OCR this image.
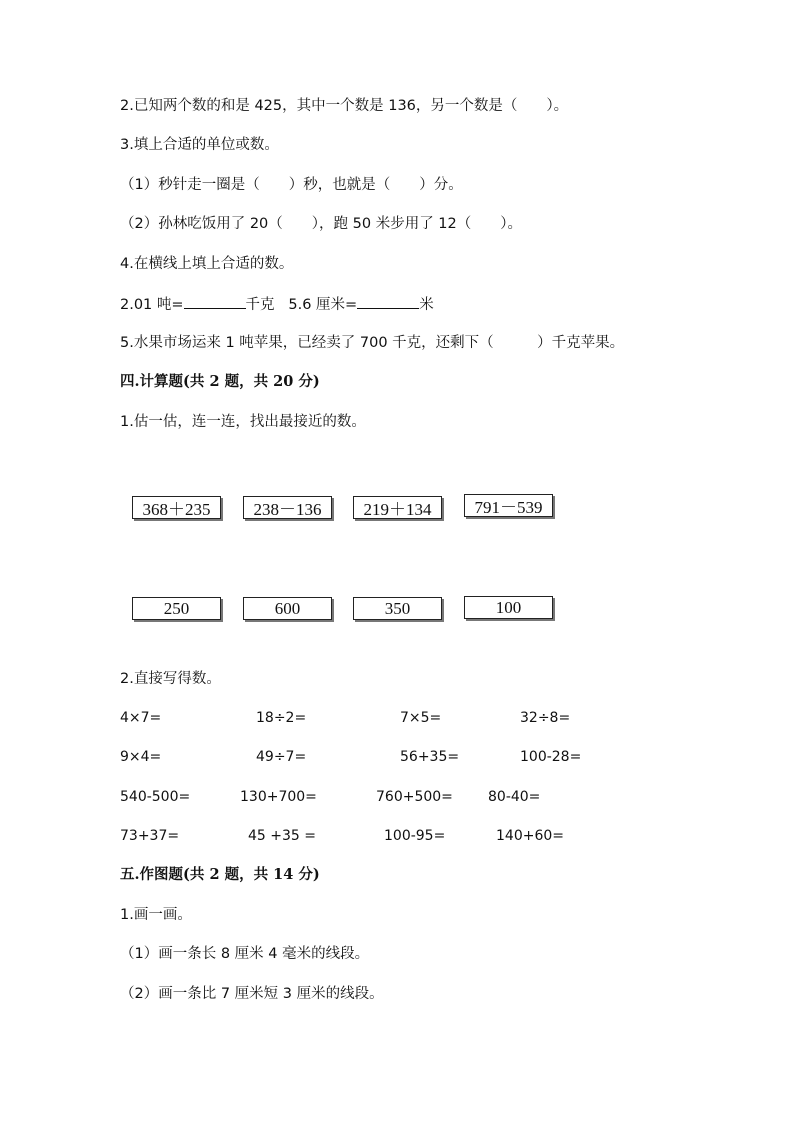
2.已知两个数的和是 425，其中一个数是 136，另一个数是（　　）。
3.填上合适的单位或数。
（1）秒针走一圈是（　　）秒，也就是（　　）分。
（2）孙林吃饭用了 20（　　），跑 50 米步用了 12（　　）。
4.在横线上填上合适的数。
2.01 吨=	千克 5.6 厘米=	米
5.水果市场运来 1 吨苹果，已经卖了 700 千克，还剩下（　　　）千克苹果。
四.计算题(共 2 题，共 20 分)
1.估一估，连一连，找出最接近的数。
368＋235	238－136	219＋134	791－539
250	600	350	100
2.直接写得数。
4×7=	18÷2=	7×5=	32÷8=
9×4=	49÷7=	56+35=	100-28=
540-500=	130+700=	760+500=	80-40=
73+37=	45 +35 =	100-95=	140+60=
五.作图题(共 2 题，共 14 分)
1.画一画。
（1）画一条长 8 厘米 4 毫米的线段。
（2）画一条比 7 厘米短 3 厘米的线段。
